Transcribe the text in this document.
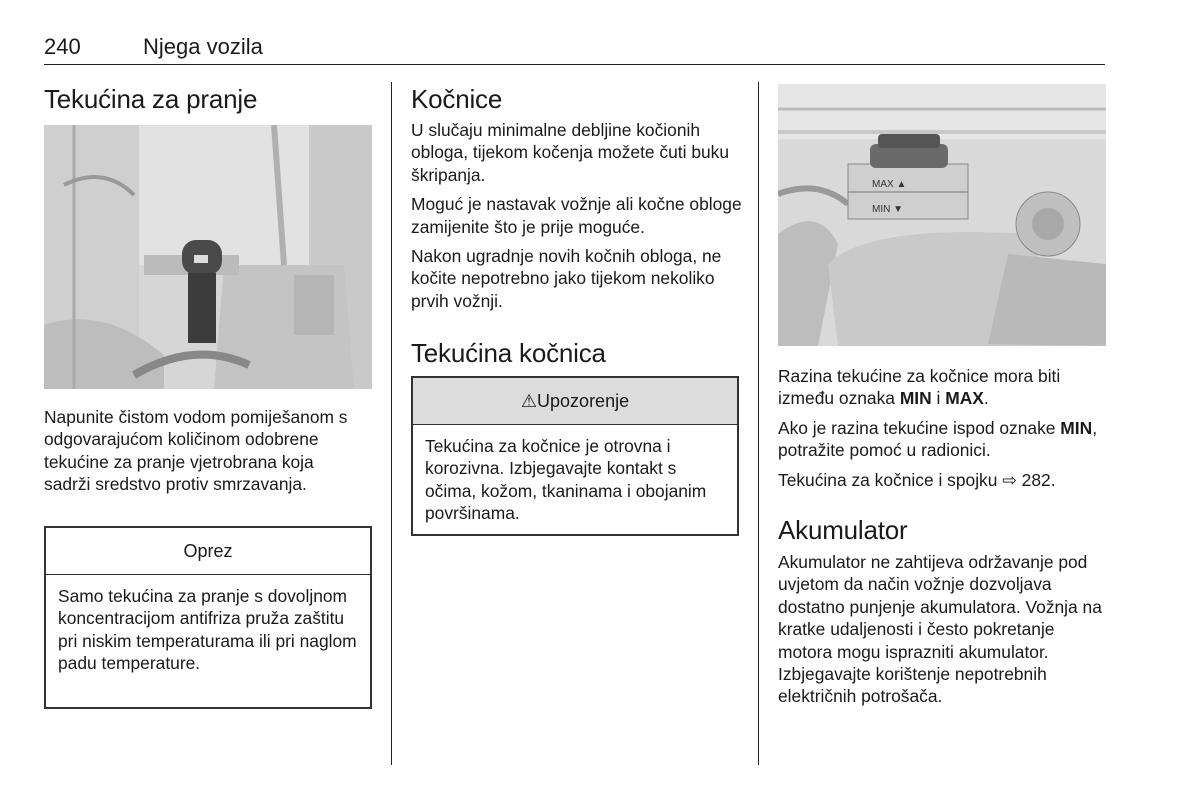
240	Njega vozila
Tekućina za pranje

Napunite čistom vodom pomiješanom s odgovarajućom količinom odobrene tekućine za pranje vjetrobrana koja sadrži sredstvo protiv smrzavanja.

Oprez
Samo tekućina za pranje s dovoljnom koncentracijom antifriza pruža zaštitu pri niskim temperaturama ili pri naglom padu temperature.
Kočnice

U slučaju minimalne debljine kočionih obloga, tijekom kočenja možete čuti buku škripanja.

Moguć je nastavak vožnje ali kočne obloge zamijenite što je prije moguće.

Nakon ugradnje novih kočnih obloga, ne kočite nepotrebno jako tijekom nekoliko prvih vožnji.

Tekućina kočnica
⚠Upozorenje
Tekućina za kočnice je otrovna i korozivna. Izbjegavajte kontakt s očima, kožom, tkaninama i obojanim površinama.
MAX ▲
MIN ▼

Razina tekućine za kočnice mora biti između oznaka MIN i MAX.

Ako je razina tekućine ispod oznake MIN, potražite pomoć u radionici.

Tekućina za kočnice i spojku ⇨ 282.

Akumulator

Akumulator ne zahtijeva održavanje pod uvjetom da način vožnje dozvoljava dostatno punjenje akumulatora. Vožnja na kratke udaljenosti i često pokretanje motora mogu isprazniti akumulator. Izbjegavajte korištenje nepotrebnih električnih potrošača.
